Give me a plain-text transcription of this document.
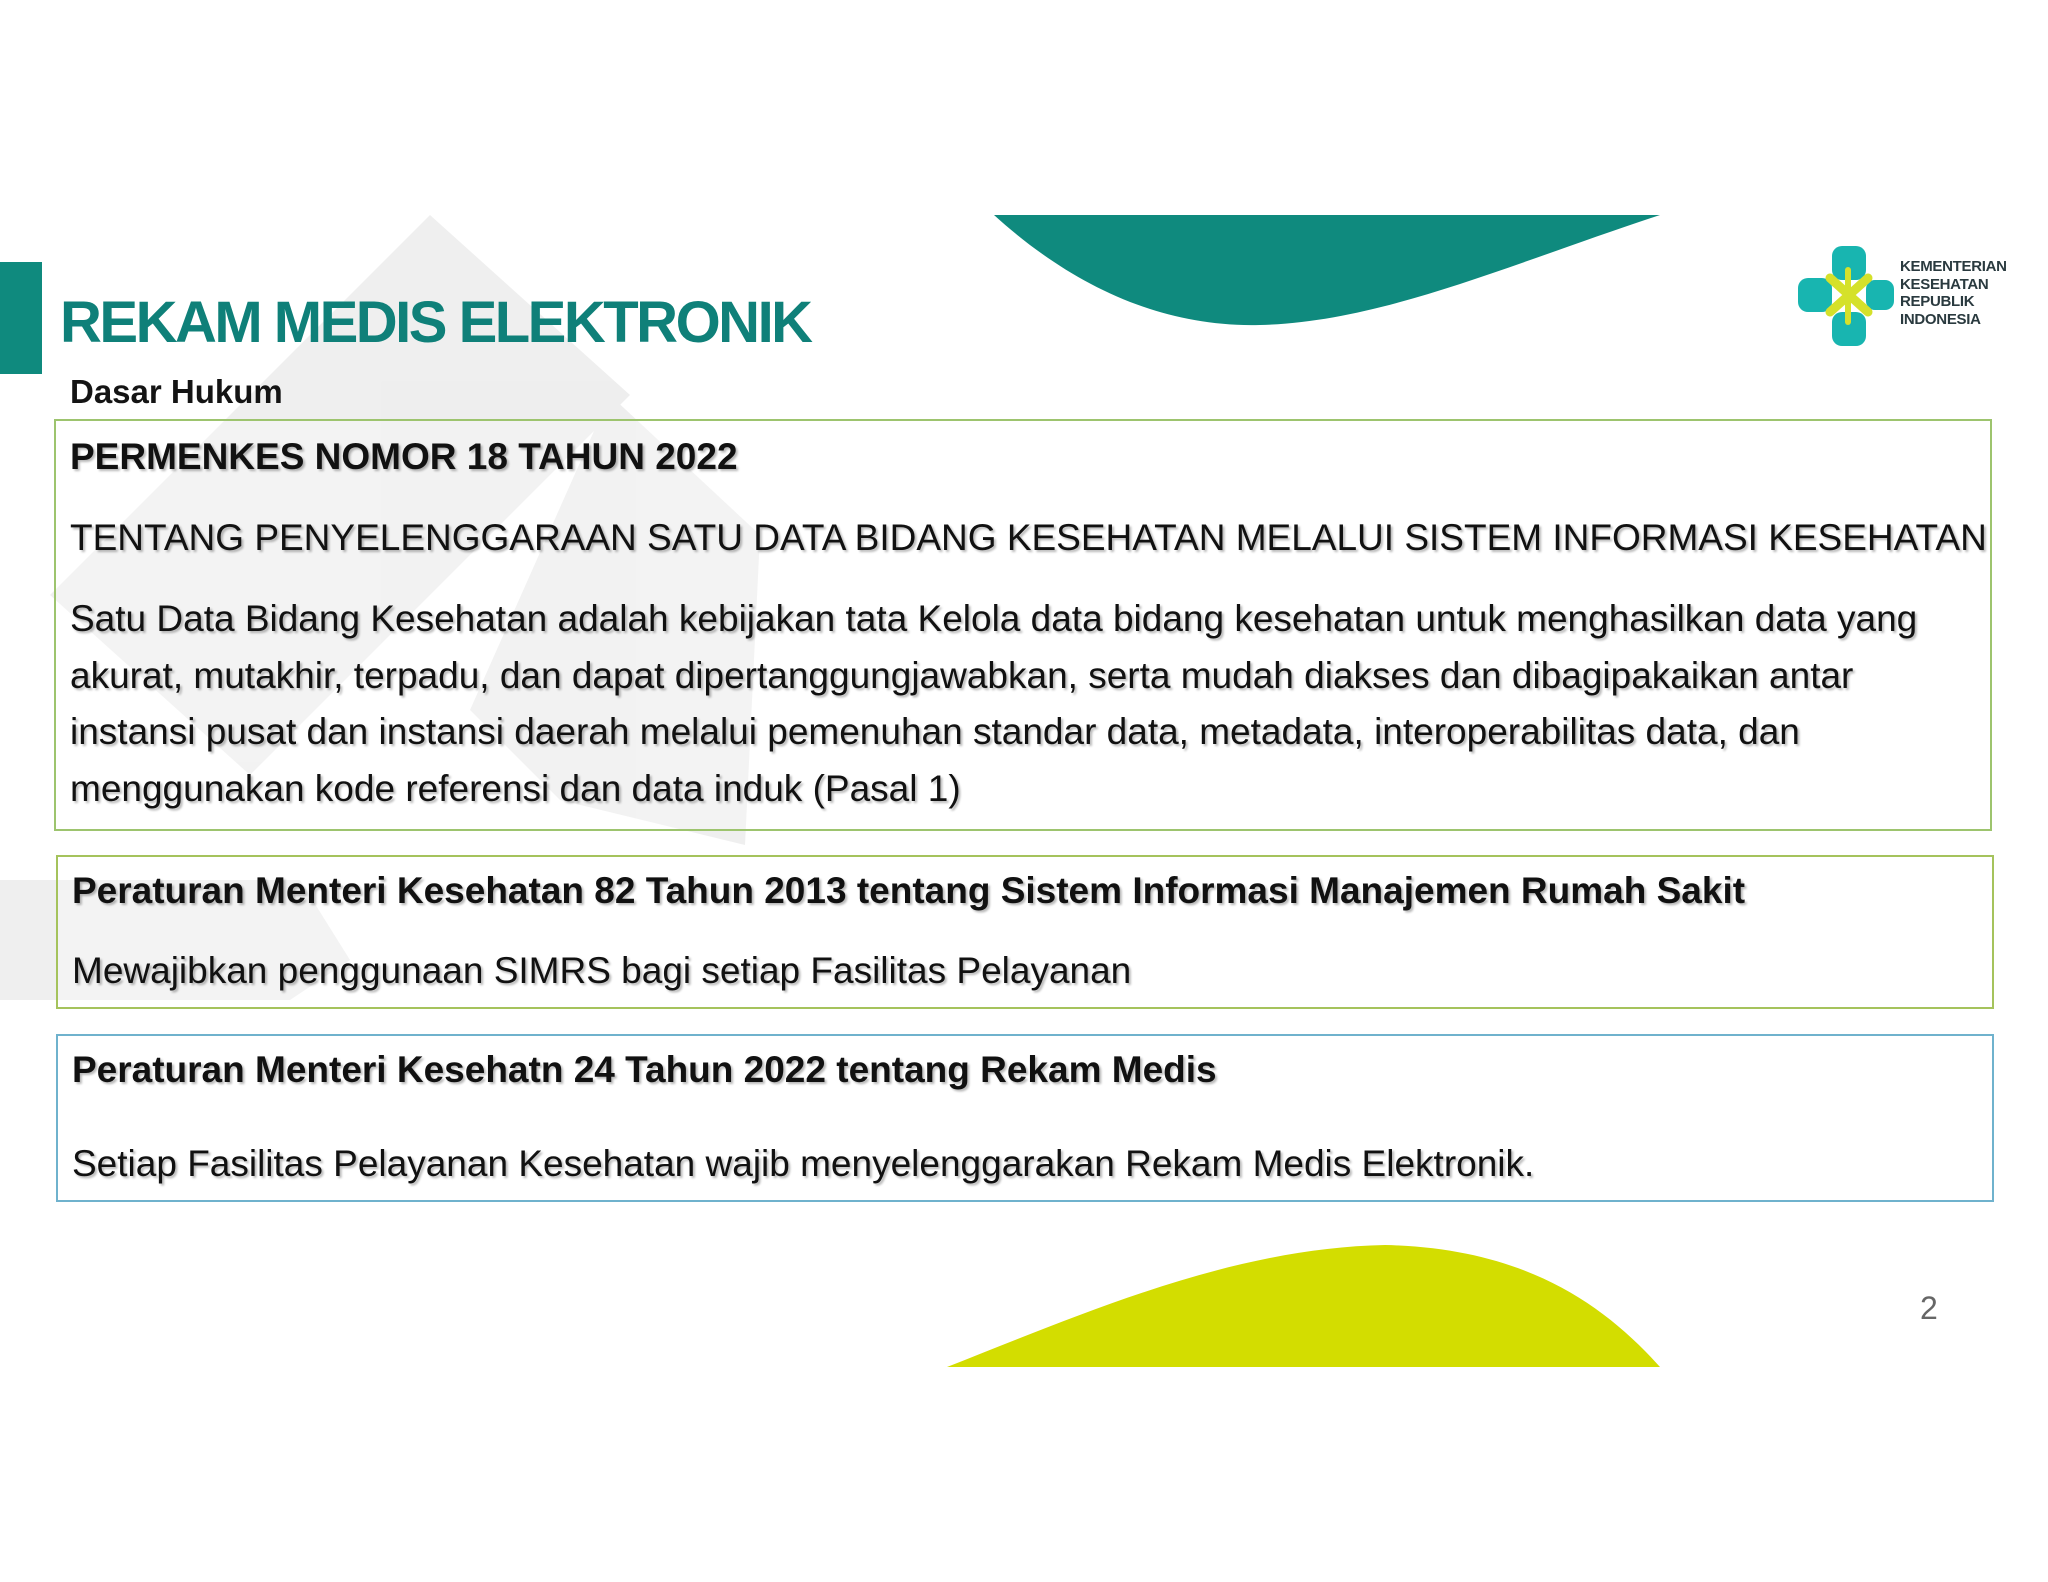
REKAM MEDIS ELEKTRONIK
Dasar Hukum
KEMENTERIAN
KESEHATAN
REPUBLIK
INDONESIA
PERMENKES NOMOR 18 TAHUN 2022
TENTANG PENYELENGGARAAN SATU DATA BIDANG KESEHATAN MELALUI SISTEM INFORMASI KESEHATAN
Satu Data Bidang Kesehatan adalah kebijakan tata Kelola data bidang kesehatan untuk menghasilkan data yang akurat, mutakhir, terpadu, dan dapat dipertanggungjawabkan, serta mudah diakses dan dibagipakaikan antar instansi pusat dan instansi daerah melalui pemenuhan standar data, metadata, interoperabilitas data, dan menggunakan kode referensi dan data induk (Pasal 1)
Peraturan Menteri Kesehatan 82 Tahun 2013 tentang Sistem Informasi Manajemen Rumah Sakit
Mewajibkan penggunaan SIMRS bagi setiap Fasilitas Pelayanan
Peraturan Menteri Kesehatn 24 Tahun 2022 tentang Rekam Medis
Setiap Fasilitas Pelayanan Kesehatan wajib menyelenggarakan Rekam Medis Elektronik.
2
